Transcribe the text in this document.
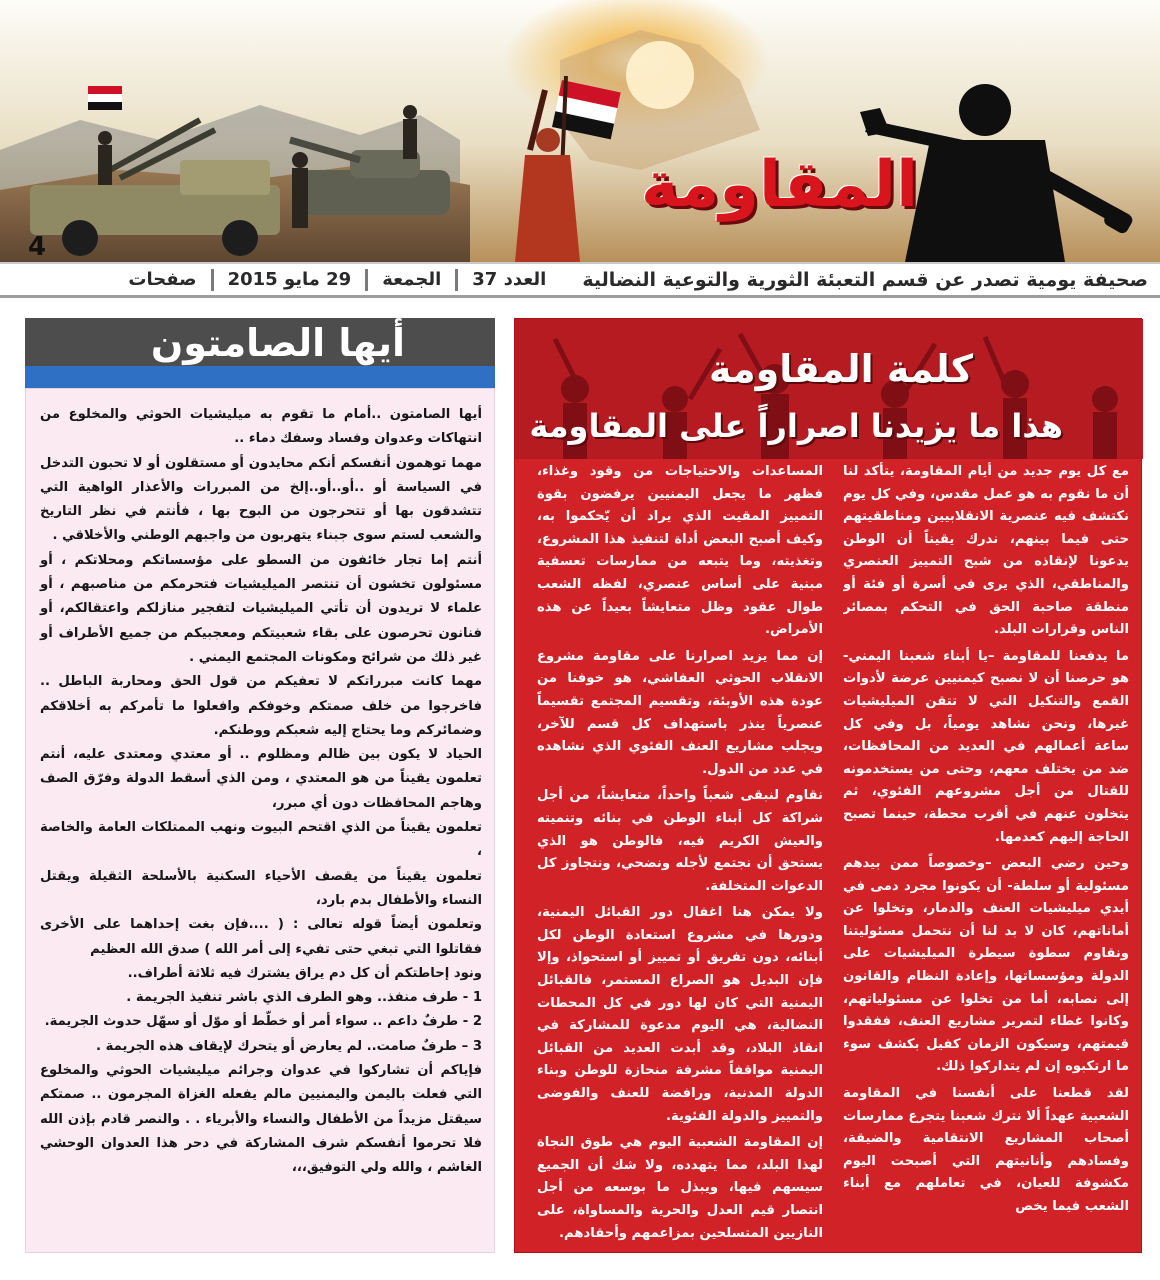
المقاومة
4
صحيفة يومية تصدر عن قسم التعبئة الثورية والتوعية النضالية
العدد 37
الجمعة
29 مايو 2015
صفحات
أيها الصامتون

أيها الصامتون ..أمام ما تقوم به ميليشيات الحوثي والمخلوع من انتهاكات وعدوان وفساد وسفك دماء ..

مهما توهمون أنفسكم أنكم محايدون أو مستقلون أو لا تحبون التدخل في السياسة أو ..أو..أو..إلخ من المبررات والأعذار الواهية التي تتشدقون بها أو تتحرجون من البوح بها ، فأنتم في نظر التاريخ والشعب لستم سوى جبناء يتهربون من واجبهم الوطني والأخلاقي .

أنتم إما تجار خائفون من السطو على مؤسساتكم ومحلاتكم ، أو مسئولون تخشون أن تنتصر الميليشيات فتحرمكم من مناصبهم ، أو علماء لا تريدون أن تأتي الميليشيات لتفجير منازلكم واعتقالكم، أو فنانون تحرصون على بقاء شعبيتكم ومعجبيكم من جميع الأطراف أو غير ذلك من شرائح ومكونات المجتمع اليمني .

مهما كانت مبرراتكم لا تعفيكم من قول الحق ومحاربة الباطل .. فاخرجوا من خلف صمتكم وخوفكم وافعلوا ما تأمركم به أخلاقكم وضمائركم وما يحتاج إليه شعبكم ووطنكم.

الحياد لا يكون بين ظالم ومظلوم .. أو معتدي ومعتدى عليه، أنتم تعلمون يقيناً من هو المعتدي ، ومن الذي أسقط الدولة وفرّق الصف وهاجم المحافظات دون أي مبرر،

تعلمون يقيناً من الذي اقتحم البيوت ونهب الممتلكات العامة والخاصة ،

تعلمون يقيناً من يقصف الأحياء السكنية بالأسلحة الثقيلة ويقتل النساء والأطفال بدم بارد،

وتعلمون أيضاً قوله تعالى : ( ....فإن بغت إحداهما على الأخرى فقاتلوا التي تبغي حتى تفيء إلى أمر الله ) صدق الله العظيم

ونود إحاطتكم أن كل دم يراق يشترك فيه ثلاثة أطراف..

1 - طرف منفذ.. وهو الطرف الذي باشر تنفيذ الجريمة .

2 - طرفٌ داعم .. سواء أمر أو خطّط أو موّل أو سهّل حدوث الجريمة.

3 – طرفٌ صامت.. لم يعارض أو يتحرك لإيقاف هذه الجريمة .

فإياكم أن تشاركوا في عدوان وجرائم ميليشيات الحوثي والمخلوع التي فعلت باليمن واليمنيين مالم يفعله الغزاة المجرمون .. صمتكم سيقتل مزيداً من الأطفال والنساء والأبرياء . . والنصر قادم بإذن الله فلا تحرموا أنفسكم شرف المشاركة في دحر هذا العدوان الوحشي الغاشم ، والله ولي التوفيق،،،

كلمة المقاومة
هذا ما يزيدنا اصراراً على المقاومة

مع كل يوم جديد من أيام المقاومة، يتأكد لنا أن ما نقوم به هو عمل مقدس، وفي كل يوم نكتشف فيه عنصرية الانقلابيين ومناطقيتهم حتى فيما بينهم، ندرك يقيناً أن الوطن يدعونا لإنقاذه من شبح التمييز العنصري والمناطقي، الذي يرى في أسرة أو فئة أو منطقة صاحبة الحق في التحكم بمصائر الناس وقرارات البلد.

ما يدفعنا للمقاومة –يا أبناء شعبنا اليمني- هو حرصنا أن لا نصبح كيمنيين عرضة لأدوات القمع والتنكيل التي لا تتقن الميليشيات غيرها، ونحن نشاهد يومياً، بل وفي كل ساعة أعمالهم في العديد من المحافظات، ضد من يختلف معهم، وحتى من يستخدمونه للقتال من أجل مشروعهم الفئوي، ثم يتخلون عنهم في أقرب محطة، حينما تصبح الحاجة إليهم كعدمها.

وحين رضي البعض –وخصوصاً ممن بيدهم مسئولية أو سلطة- أن يكونوا مجرد دمى في أيدي ميليشيات العنف والدمار، وتخلوا عن أماناتهم، كان لا بد لنا أن نتحمل مسئوليتنا ونقاوم سطوة سيطرة الميليشيات على الدولة ومؤسساتها، وإعادة النظام والقانون إلى نصابه، أما من تخلوا عن مسئولياتهم، وكانوا غطاء لتمرير مشاريع العنف، ففقدوا قيمتهم، وسيكون الزمان كفيل بكشف سوء ما ارتكبوه إن لم يتداركوا ذلك.

لقد قطعنا على أنفسنا في المقاومة الشعبية عهداً ألا نترك شعبنا يتجرع ممارسات أصحاب المشاريع الانتقامية والضيقة، وفسادهم وأنانيتهم التي أصبحت اليوم مكشوفة للعيان، في تعاملهم مع أبناء الشعب فيما يخص

المساعدات والاحتياجات من وقود وغذاء، فظهر ما يجعل اليمنيين يرفضون بقوة التمييز المقيت الذي يراد أن يّحكموا به، وكيف أصبح البعض أداة لتنفيذ هذا المشروع، وتغذيته، وما يتبعه من ممارسات تعسفية مبنية على أساس عنصري، لفظه الشعب طوال عقود وظل متعايشاً بعيداً عن هذه الأمراض.

إن مما يزيد اصرارنا على مقاومة مشروع الانقلاب الحوثي العفاشي، هو خوفنا من عودة هذه الأوبئة، وتقسيم المجتمع تقسيماً عنصرياً ينذر باستهداف كل قسم للآخر، ويجلب مشاريع العنف الفئوي الذي نشاهده في عدد من الدول.

نقاوم لنبقى شعباً واحداً، متعايشاً، من أجل شراكة كل أبناء الوطن في بنائه وتنميته والعيش الكريم فيه، فالوطن هو الذي يستحق أن نجتمع لأجله ونضحي، ونتجاوز كل الدعوات المتخلفة.

ولا يمكن هنا اغفال دور القبائل اليمنية، ودورها في مشروع استعادة الوطن لكل أبنائه، دون تفريق أو تمييز أو استحواذ، وإلا فإن البديل هو الصراع المستمر، فالقبائل اليمنية التي كان لها دور في كل المحطات النضالية، هي اليوم مدعوة للمشاركة في انقاذ البلاد، وقد أبدت العديد من القبائل اليمنية مواقفاً مشرفة منحازة للوطن وبناء الدولة المدنية، ورافضة للعنف والفوضى والتمييز والدولة الفئوية.

إن المقاومة الشعبية اليوم هي طوق النجاة لهذا البلد، مما يتهدده، ولا شك أن الجميع سيسهم فيها، ويبذل ما بوسعه من أجل انتصار قيم العدل والحرية والمساواة، على النازيين المتسلحين بمزاعمهم وأحقادهم.
